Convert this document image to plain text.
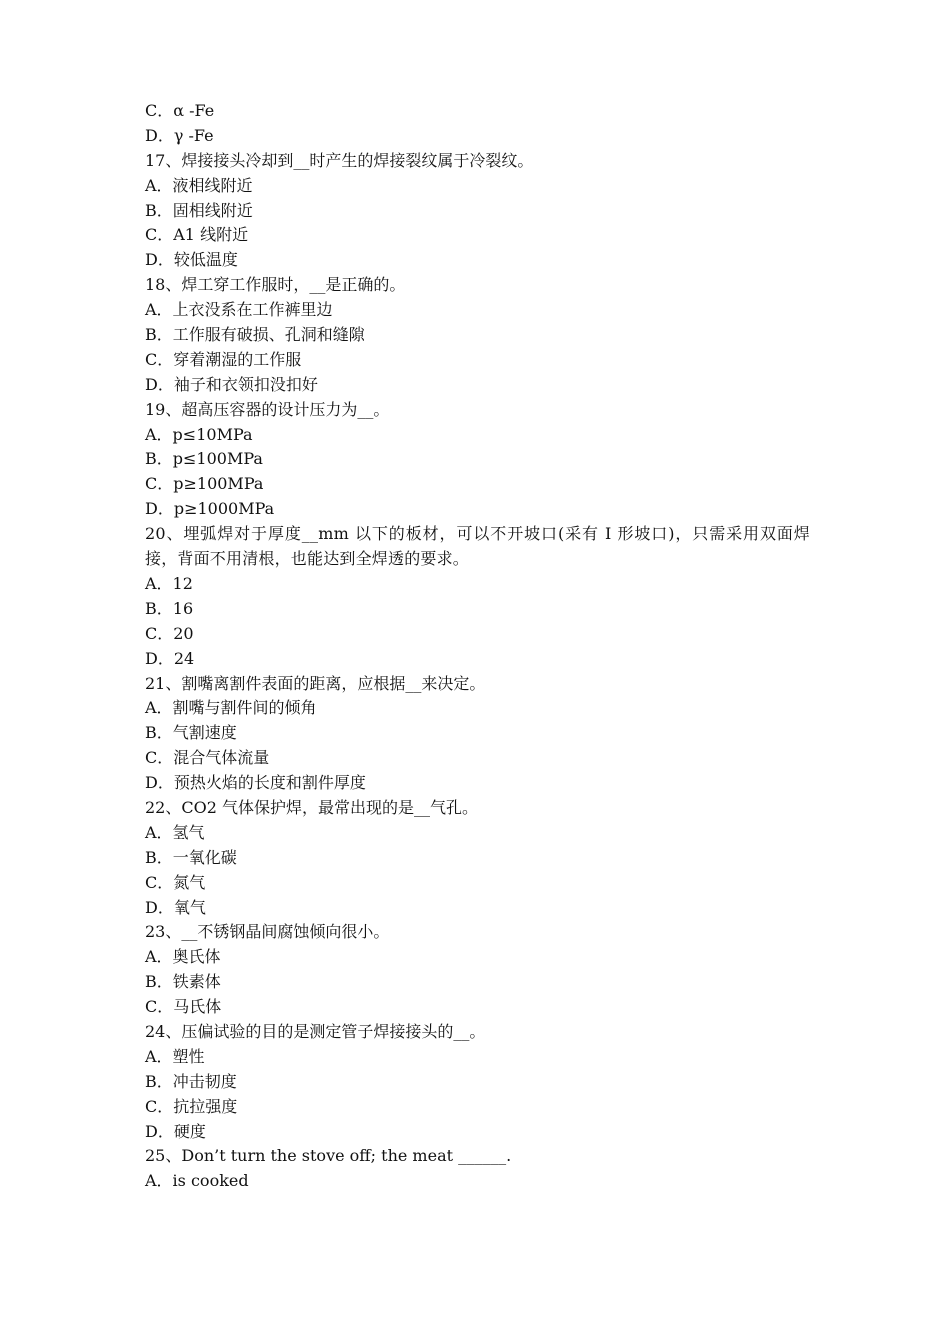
C．α -Fe
D．γ -Fe
17、焊接接头冷却到__时产生的焊接裂纹属于冷裂纹。
A．液相线附近
B．固相线附近
C．A1 线附近
D．较低温度
18、焊工穿工作服时，__是正确的。
A．上衣没系在工作裤里边
B．工作服有破损、孔洞和缝隙
C．穿着潮湿的工作服
D．袖子和衣领扣没扣好
19、超高压容器的设计压力为__。
A．p≤10MPa
B．p≤100MPa
C．p≥100MPa
D．p≥1000MPa
20、埋弧焊对于厚度__mm 以下的板材，可以不开坡口(采有 I 形坡口)，只需采用双面焊接，背面不用清根，也能达到全焊透的要求。
A．12
B．16
C．20
D．24
21、割嘴离割件表面的距离，应根据__来决定。
A．割嘴与割件间的倾角
B．气割速度
C．混合气体流量
D．预热火焰的长度和割件厚度
22、CO2 气体保护焊，最常出现的是__气孔。
A．氢气
B．一氧化碳
C．氮气
D．氧气
23、__不锈钢晶间腐蚀倾向很小。
A．奥氏体
B．铁素体
C．马氏体
24、压偏试验的目的是测定管子焊接接头的__。
A．塑性
B．冲击韧度
C．抗拉强度
D．硬度
25、Don’t turn the stove off; the meat ______.
A．is cooked
